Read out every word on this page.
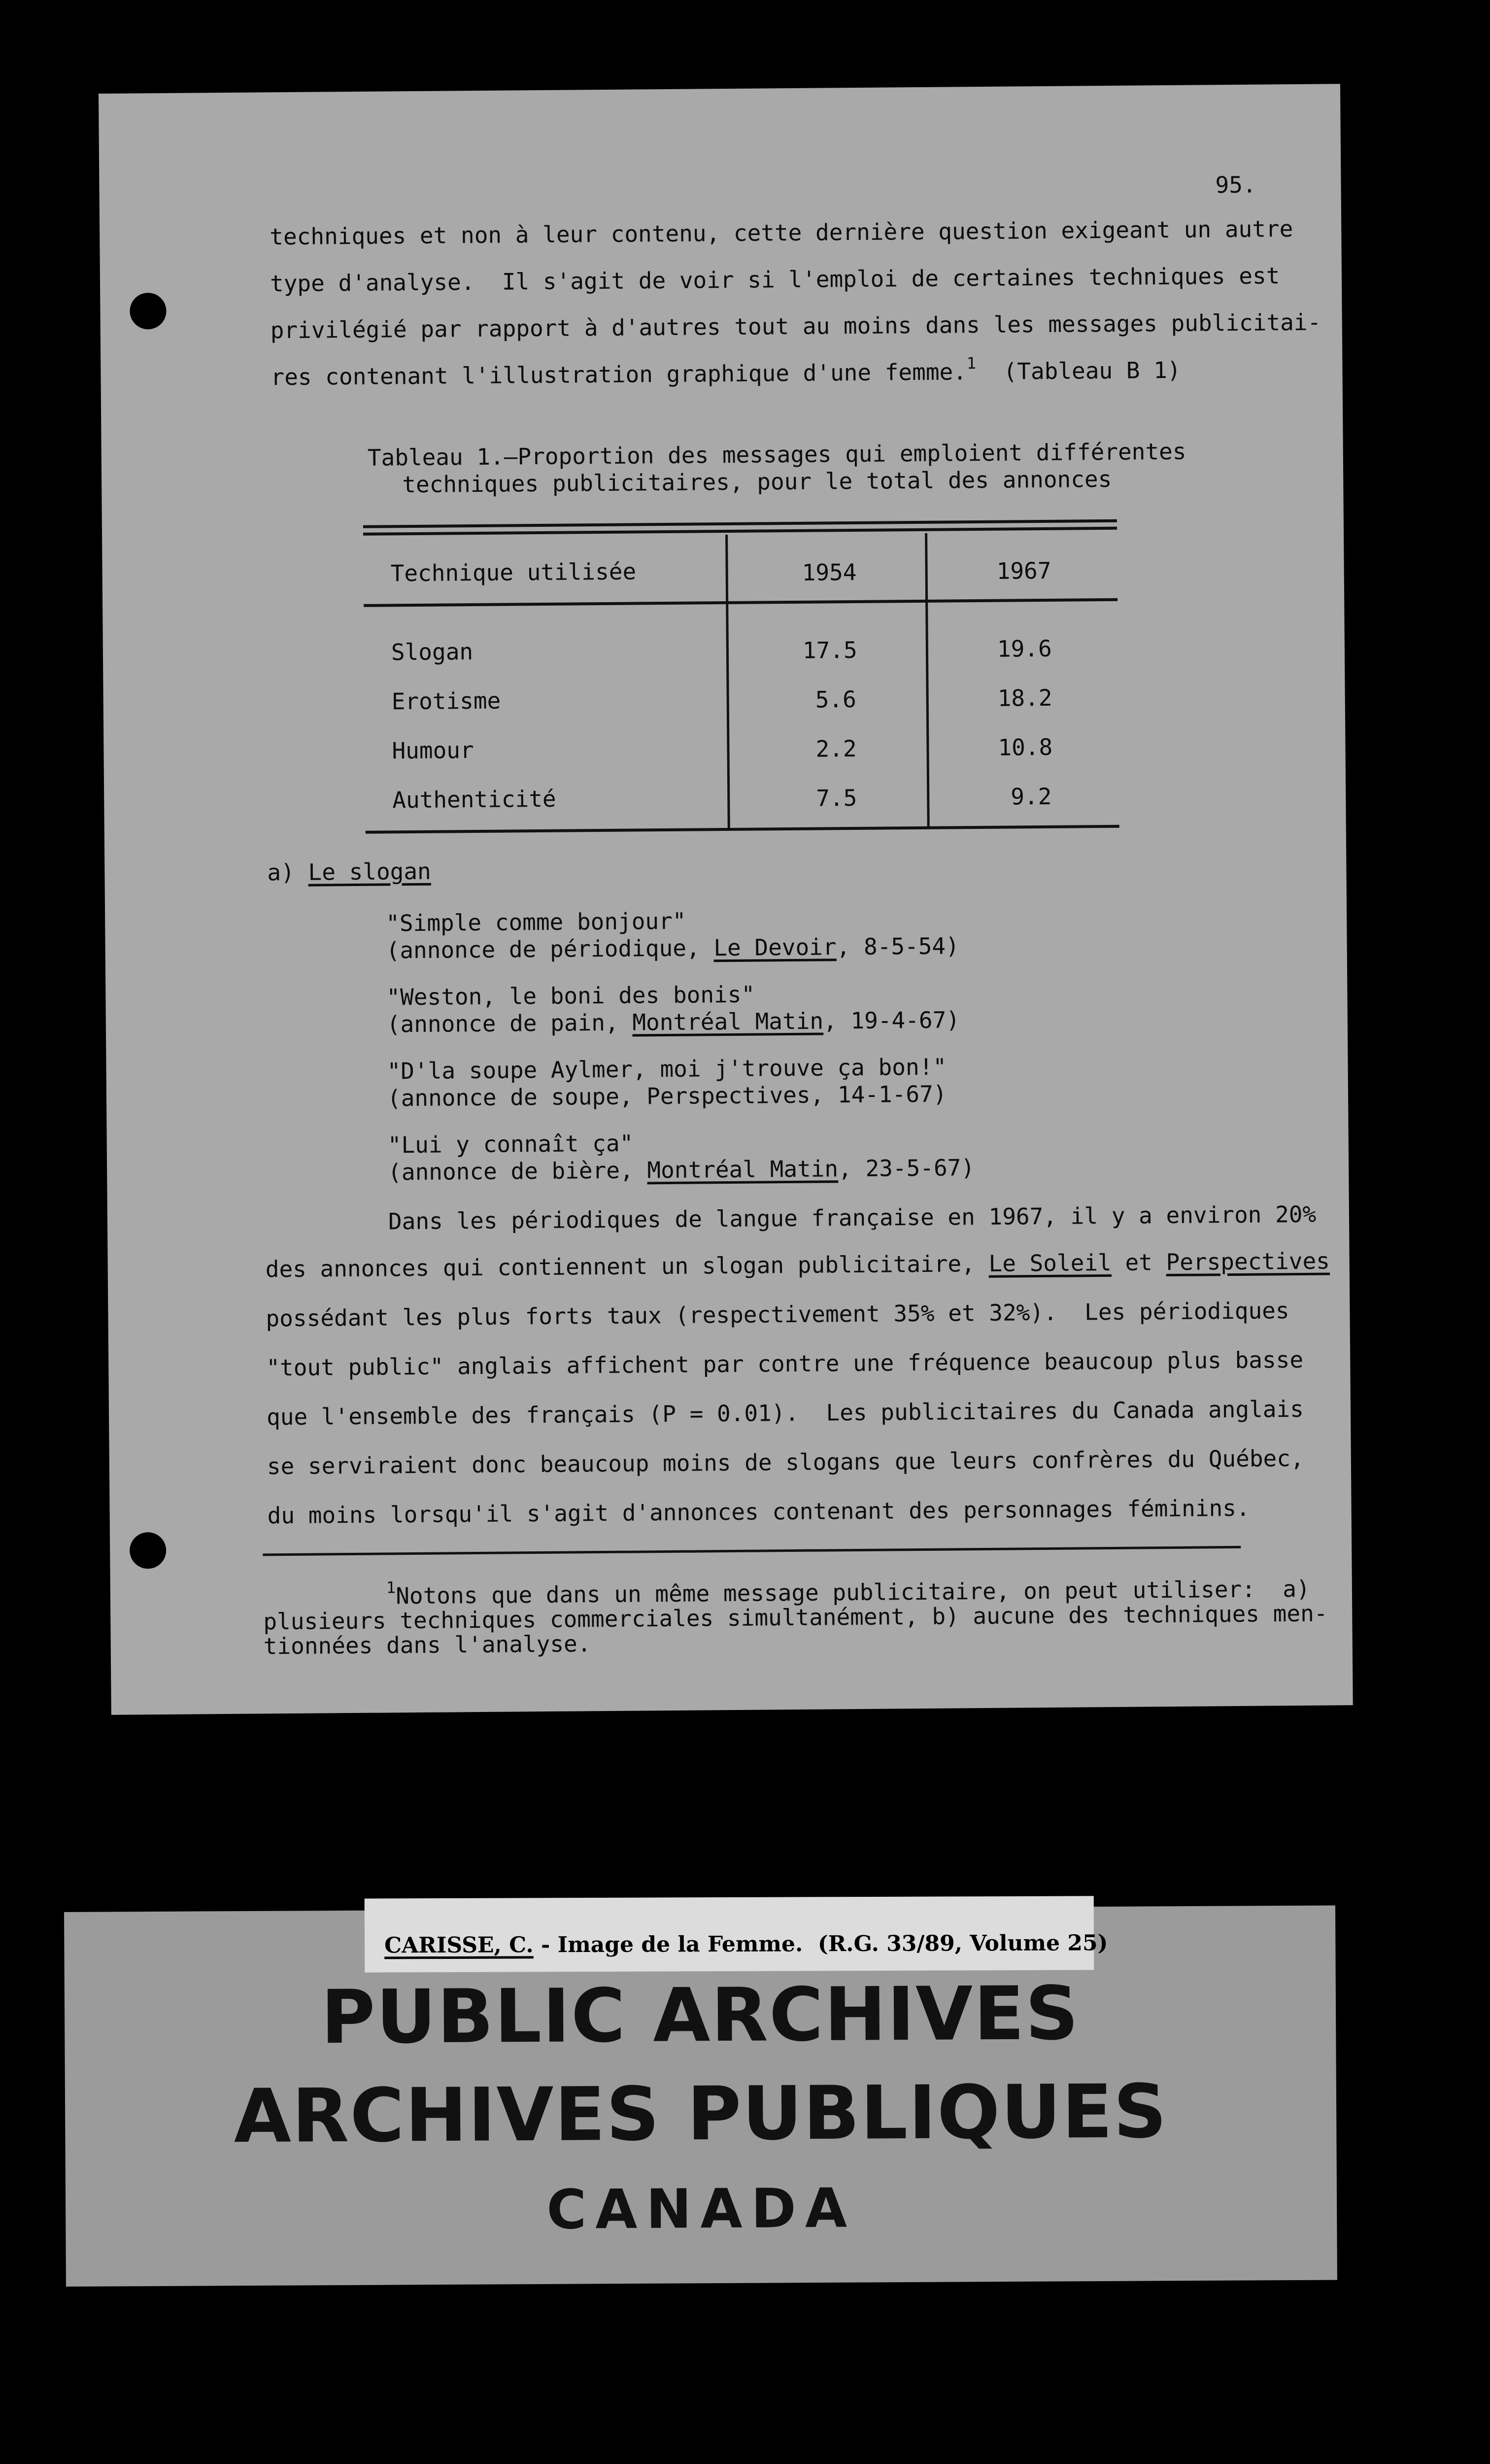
95.
techniques et non à leur contenu, cette dernière question exigeant un autre
type d'analyse.  Il s'agit de voir si l'emploi de certaines techniques est
privilégié par rapport à d'autres tout au moins dans les messages publicitai-
res contenant l'illustration graphique d'une femme.$^1$ (Tableau B 1)
Tableau 1.—Proportion des messages qui emploient différentes
techniques publicitaires, pour le total des annonces
Technique utilisée	1954	1967
Slogan	17.5	19.6
Erotisme	5.6	18.2
Humour	2.2	10.8
Authenticité	7.5	9.2
a) Le slogan
"Simple comme bonjour"
(annonce de périodique, Le Devoir, 8-5-54)
"Weston, le boni des bonis"
(annonce de pain, Montréal Matin, 19-4-67)
"D'la soupe Aylmer, moi j'trouve ça bon!"
(annonce de soupe, Perspectives, 14-1-67)
"Lui y connaît ça"
(annonce de bière, Montréal Matin, 23-5-67)
Dans les périodiques de langue française en 1967, il y a environ 20%
des annonces qui contiennent un slogan publicitaire, Le Soleil et Perspectives
possédant les plus forts taux (respectivement 35% et 32%).  Les périodiques
"tout public" anglais affichent par contre une fréquence beaucoup plus basse
que l'ensemble des français (P = 0.01).  Les publicitaires du Canada anglais
se serviraient donc beaucoup moins de slogans que leurs confrères du Québec,
du moins lorsqu'il s'agit d'annonces contenant des personnages féminins.
$^1$Notons que dans un même message publicitaire, on peut utiliser:  a)
plusieurs techniques commerciales simultanément, b) aucune des techniques men-
tionnées dans l'analyse.
PUBLIC ARCHIVES
ARCHIVES PUBLIQUES
CANADA
CARISSE, C. - Image de la Femme.  (R.G. 33/89, Volume 25)
